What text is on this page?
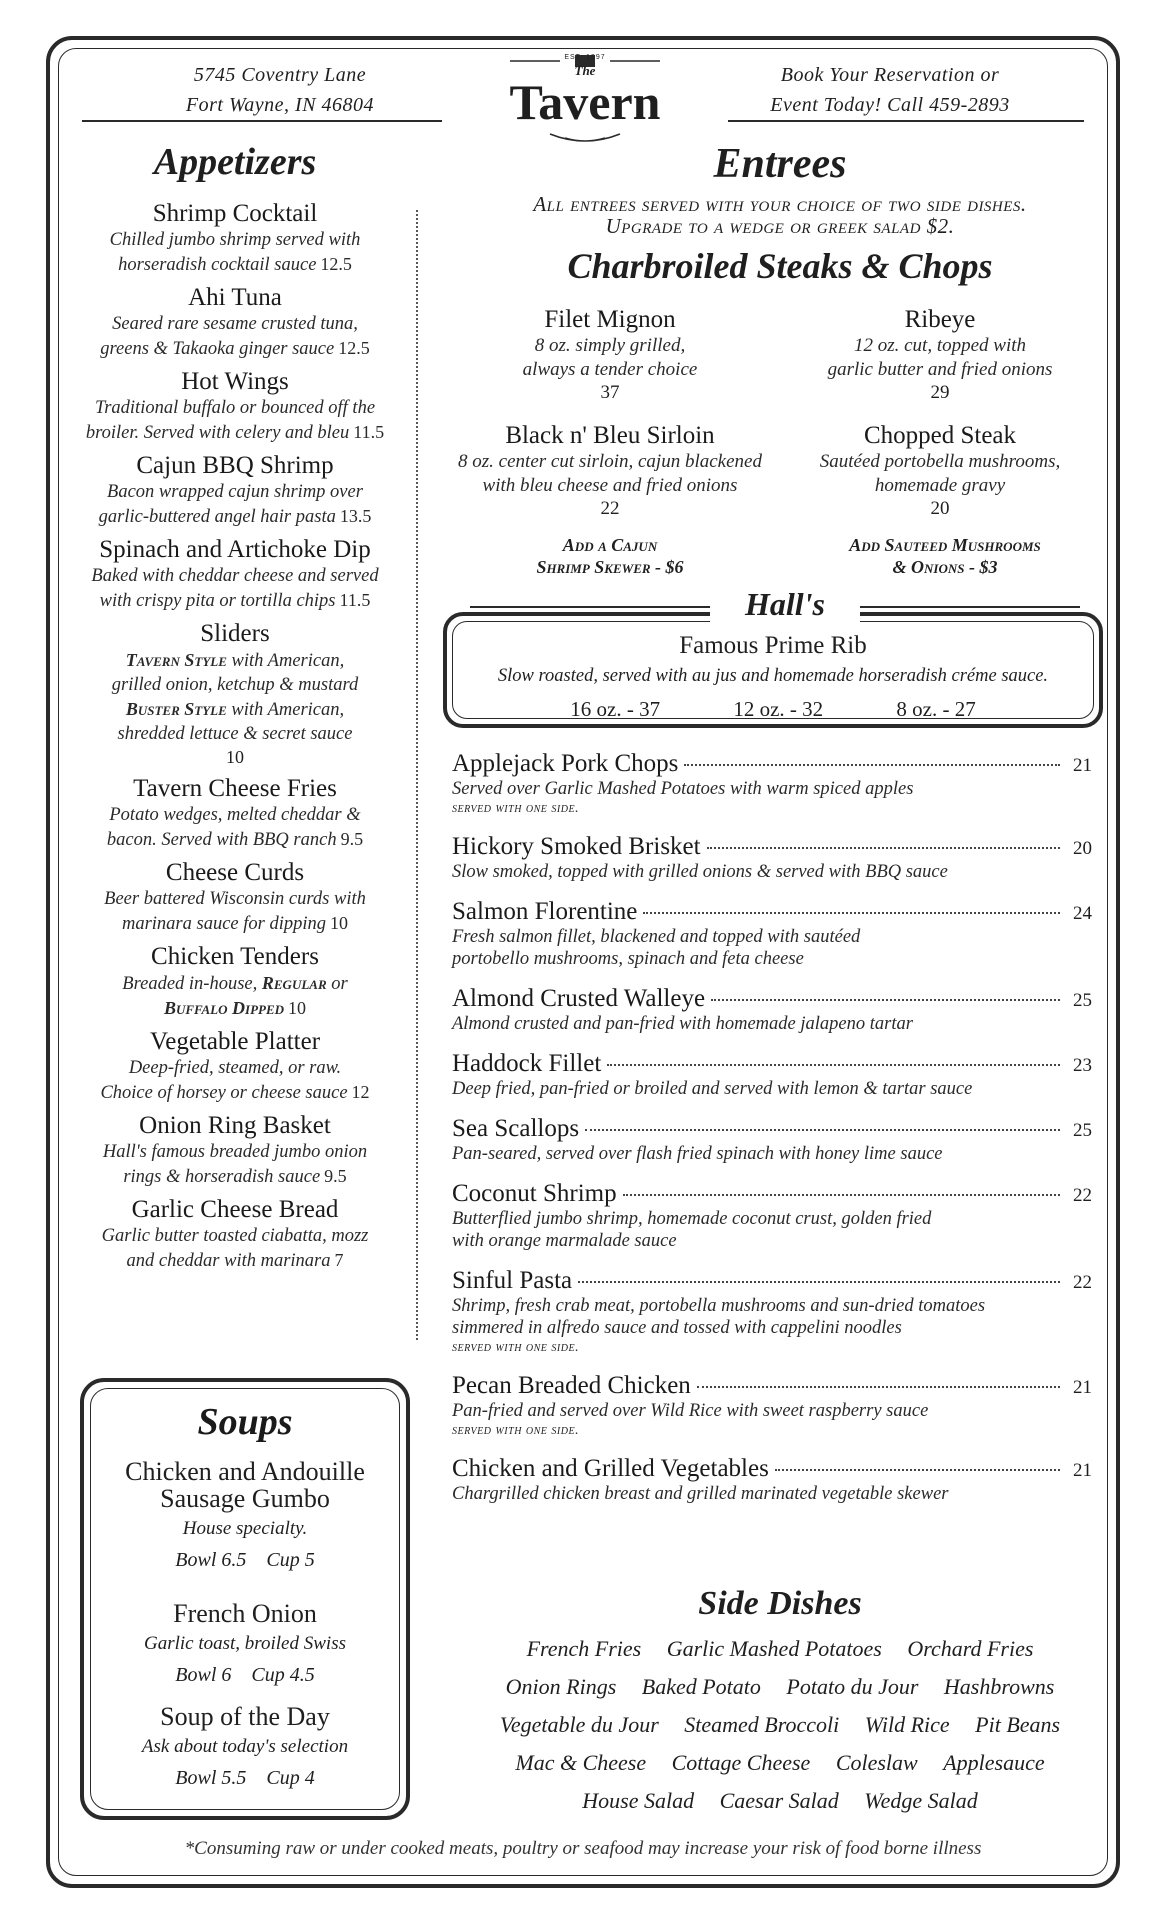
5745 Coventry Lane
Fort Wayne, IN 46804
EST. 1997
The
Tavern	Book Your Reservation or
Event Today! Call 459-2893
Appetizers
Shrimp Cocktail
Chilled jumbo shrimp served with
horseradish cocktail sauce 12.5
Ahi Tuna
Seared rare sesame crusted tuna,
greens & Takaoka ginger sauce 12.5
Hot Wings
Traditional buffalo or bounced off the
broiler. Served with celery and bleu 11.5
Cajun BBQ Shrimp
Bacon wrapped cajun shrimp over
garlic-buttered angel hair pasta 13.5
Spinach and Artichoke Dip
Baked with cheddar cheese and served
with crispy pita or tortilla chips 11.5
Sliders
Tavern Style with American,
grilled onion, ketchup & mustard
Buster Style with American,
shredded lettuce & secret sauce
10
Tavern Cheese Fries
Potato wedges, melted cheddar &
bacon. Served with BBQ ranch 9.5
Cheese Curds
Beer battered Wisconsin curds with
marinara sauce for dipping 10
Chicken Tenders
Breaded in-house, Regular or
Buffalo Dipped 10
Vegetable Platter
Deep-fried, steamed, or raw.
Choice of horsey or cheese sauce 12
Onion Ring Basket
Hall's famous breaded jumbo onion
rings & horseradish sauce 9.5
Garlic Cheese Bread
Garlic butter toasted ciabatta, mozz
and cheddar with marinara 7
Soups
Chicken and Andouille
Sausage Gumbo
House specialty.
Bowl 6.5 Cup 5
French Onion
Garlic toast, broiled Swiss
Bowl 6 Cup 4.5
Soup of the Day
Ask about today's selection
Bowl 5.5 Cup 4
Entrees
All entrees served with your choice of two side dishes.
Upgrade to a wedge or greek salad $2.
Charbroiled Steaks & Chops
Filet Mignon
8 oz. simply grilled,
always a tender choice
37
Ribeye
12 oz. cut, topped with
garlic butter and fried onions
29
Black n' Bleu Sirloin
8 oz. center cut sirloin, cajun blackened
with bleu cheese and fried onions
22
Chopped Steak
Sautéed portobella mushrooms,
homemade gravy
20
Add a Cajun
Shrimp Skewer - $6
Add Sauteed Mushrooms
& Onions - $3
Hall's
Famous Prime Rib
Slow roasted, served with au jus and homemade horseradish créme sauce.
16 oz. - 37	12 oz. - 32	8 oz. - 27
Applejack Pork Chops	21
Served over Garlic Mashed Potatoes with warm spiced apples
served with one side.
Hickory Smoked Brisket	20
Slow smoked, topped with grilled onions & served with BBQ sauce
Salmon Florentine	24
Fresh salmon fillet, blackened and topped with sautéed
portobello mushrooms, spinach and feta cheese
Almond Crusted Walleye	25
Almond crusted and pan-fried with homemade jalapeno tartar
Haddock Fillet	23
Deep fried, pan-fried or broiled and served with lemon & tartar sauce
Sea Scallops	25
Pan-seared, served over flash fried spinach with honey lime sauce
Coconut Shrimp	22
Butterflied jumbo shrimp, homemade coconut crust, golden fried
with orange marmalade sauce
Sinful Pasta	22
Shrimp, fresh crab meat, portobella mushrooms and sun-dried tomatoes
simmered in alfredo sauce and tossed with cappelini noodles
served with one side.
Pecan Breaded Chicken	21
Pan-fried and served over Wild Rice with sweet raspberry sauce
served with one side.
Chicken and Grilled Vegetables	21
Chargrilled chicken breast and grilled marinated vegetable skewer
Side Dishes
French Fries Garlic Mashed Potatoes Orchard Fries
Onion Rings Baked Potato Potato du Jour Hashbrowns
Vegetable du Jour Steamed Broccoli Wild Rice Pit Beans
Mac & Cheese Cottage Cheese Coleslaw Applesauce
House Salad Caesar Salad Wedge Salad
*Consuming raw or under cooked meats, poultry or seafood may increase your risk of food borne illness
